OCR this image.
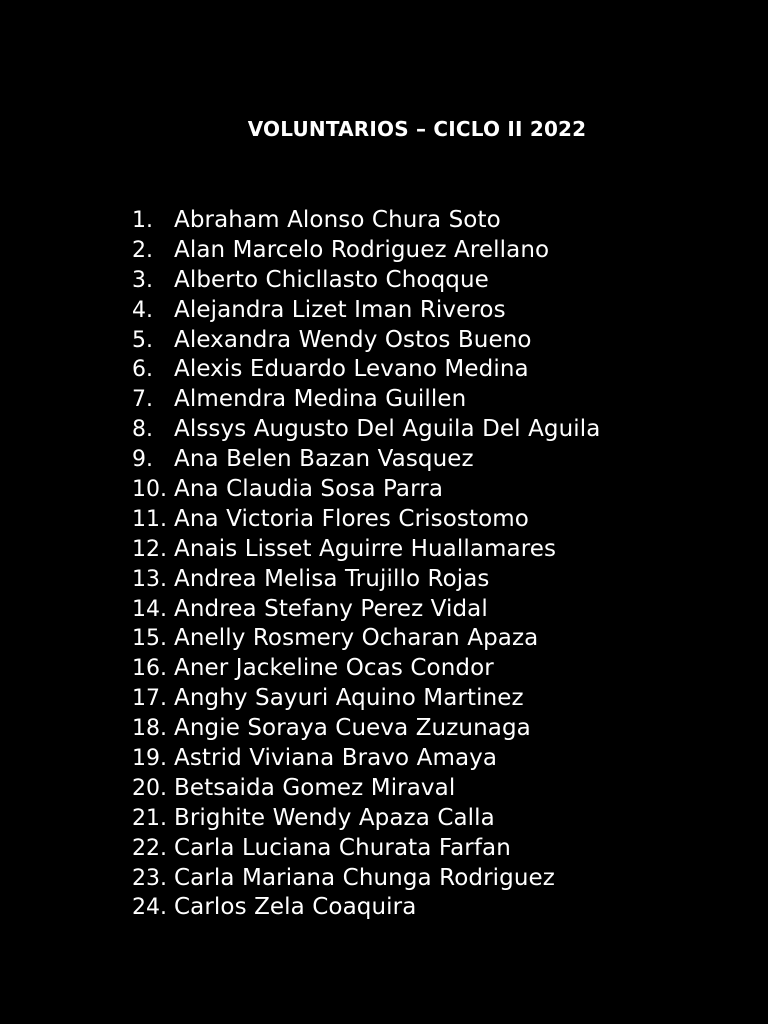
VOLUNTARIOS – CICLO II 2022
1. Abraham Alonso Chura Soto
2. Alan Marcelo Rodriguez Arellano
3. Alberto Chicllasto Choqque
4. Alejandra Lizet Iman Riveros
5. Alexandra Wendy Ostos Bueno
6. Alexis Eduardo Levano Medina
7. Almendra Medina Guillen
8. Alssys Augusto Del Aguila Del Aguila
9. Ana Belen Bazan Vasquez
10. Ana Claudia Sosa Parra
11. Ana Victoria Flores Crisostomo
12. Anais Lisset Aguirre Huallamares
13. Andrea Melisa Trujillo Rojas
14. Andrea Stefany Perez Vidal
15. Anelly Rosmery Ocharan Apaza
16. Aner Jackeline Ocas Condor
17. Anghy Sayuri Aquino Martinez
18. Angie Soraya Cueva Zuzunaga
19. Astrid Viviana Bravo Amaya
20. Betsaida Gomez Miraval
21. Brighite Wendy Apaza Calla
22. Carla Luciana Churata Farfan
23. Carla Mariana Chunga Rodriguez
24. Carlos Zela Coaquira
